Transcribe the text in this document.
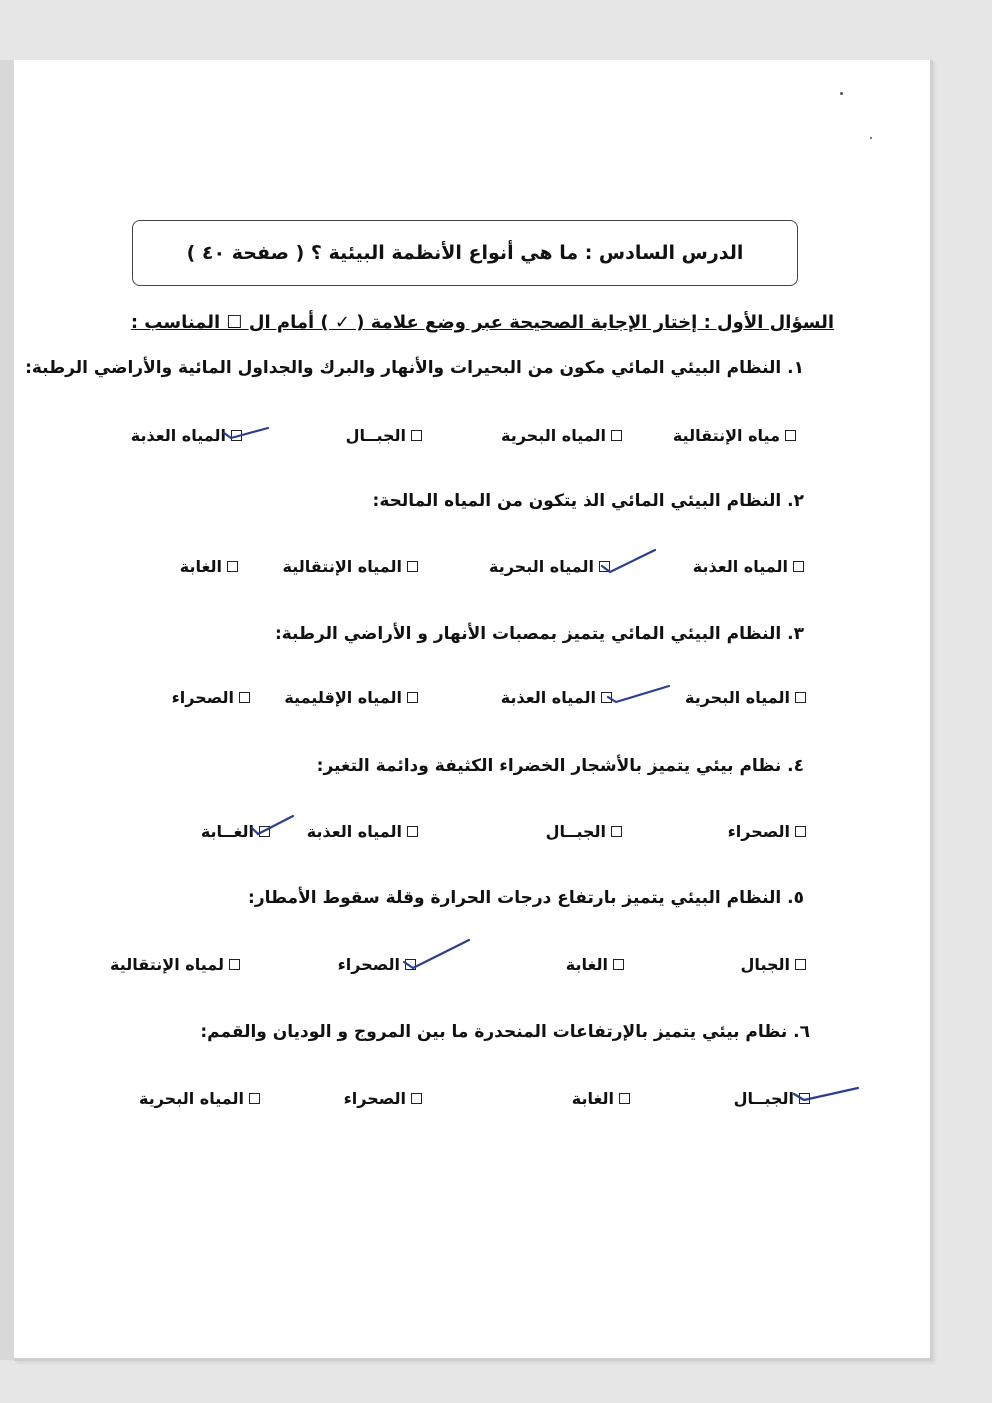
الدرس السادس : ما هي أنواع الأنظمة البيئية ؟ ( صفحة ٤٠ )
السؤال الأول : إختار الإجابة الصحيحة عبر وضع علامة ( ✓ ) أمام ال ☐ المناسب :
١. النظام البيئي المائي مكون من البحيرات والأنهار والبرك والجداول المائية والأراضي الرطبة:
مياه الإنتقالية
المياه البحرية
الجبــال
المياه العذبة
٢. النظام البيئي المائي الذ يتكون من المياه المالحة:
المياه العذبة
المياه البحرية
المياه الإنتقالية
الغابة
٣. النظام البيئي المائي يتميز بمصبات الأنهار و الأراضي الرطبة:
المياه البحرية
المياه العذبة
المياه الإقليمية
الصحراء
٤. نظام بيئي يتميز بالأشجار الخضراء الكثيفة ودائمة التغير:
الصحراء
الجبــال
المياه العذبة
الغــابة
٥. النظام البيئي يتميز بارتفاع درجات الحرارة وقلة سقوط الأمطار:
الجبال
الغابة
الصحراء
لمياه الإنتقالية
٦. نظام بيئي يتميز بالإرتفاعات المنحدرة ما بين المروج و الوديان والقمم:
الجبــال
الغابة
الصحراء
المياه البحرية
